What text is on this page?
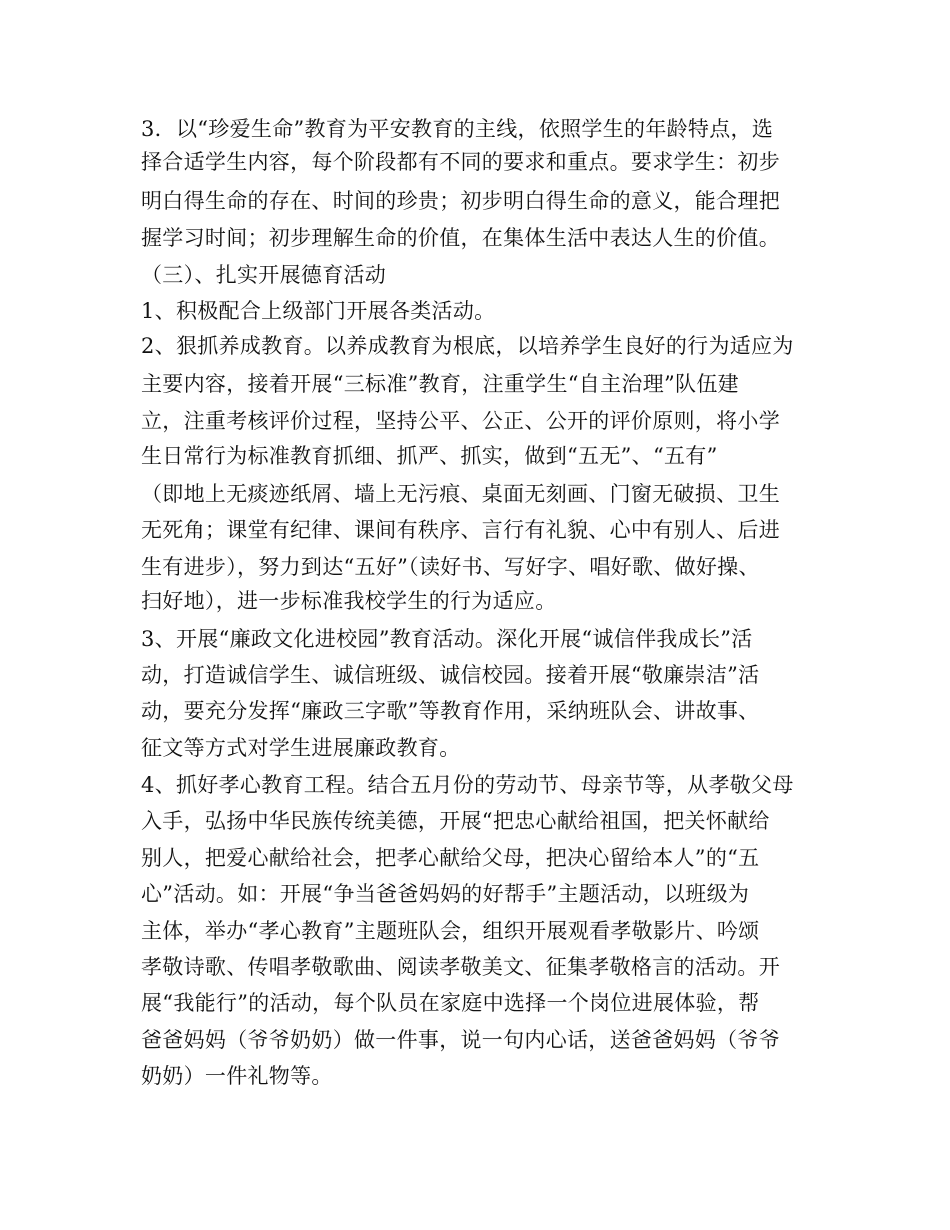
3．以“珍爱生命”教育为平安教育的主线，依照学生的年龄特点，选
择合适学生内容，每个阶段都有不同的要求和重点。要求学生：初步
明白得生命的存在、时间的珍贵；初步明白得生命的意义，能合理把
握学习时间；初步理解生命的价值，在集体生活中表达人生的价值。
（三）、扎实开展德育活动
1、积极配合上级部门开展各类活动。
2、狠抓养成教育。以养成教育为根底，以培养学生良好的行为适应为
主要内容，接着开展“三标准”教育，注重学生“自主治理”队伍建
立，注重考核评价过程，坚持公平、公正、公开的评价原则，将小学
生日常行为标准教育抓细、抓严、抓实，做到“五无”、“五有”
（即地上无痰迹纸屑、墙上无污痕、桌面无刻画、门窗无破损、卫生
无死角；课堂有纪律、课间有秩序、言行有礼貌、心中有别人、后进
生有进步），努力到达“五好”（读好书、写好字、唱好歌、做好操、
扫好地），进一步标准我校学生的行为适应。
3、开展“廉政文化进校园”教育活动。深化开展“诚信伴我成长”活
动，打造诚信学生、诚信班级、诚信校园。接着开展“敬廉崇洁”活
动，要充分发挥“廉政三字歌”等教育作用，采纳班队会、讲故事、
征文等方式对学生进展廉政教育。
4、抓好孝心教育工程。结合五月份的劳动节、母亲节等，从孝敬父母
入手，弘扬中华民族传统美德，开展“把忠心献给祖国，把关怀献给
别人，把爱心献给社会，把孝心献给父母，把决心留给本人”的“五
心”活动。如：开展“争当爸爸妈妈的好帮手”主题活动，以班级为
主体，举办“孝心教育”主题班队会，组织开展观看孝敬影片、吟颂
孝敬诗歌、传唱孝敬歌曲、阅读孝敬美文、征集孝敬格言的活动。开
展“我能行”的活动，每个队员在家庭中选择一个岗位进展体验，帮
爸爸妈妈（爷爷奶奶）做一件事，说一句内心话，送爸爸妈妈（爷爷
奶奶）一件礼物等。
